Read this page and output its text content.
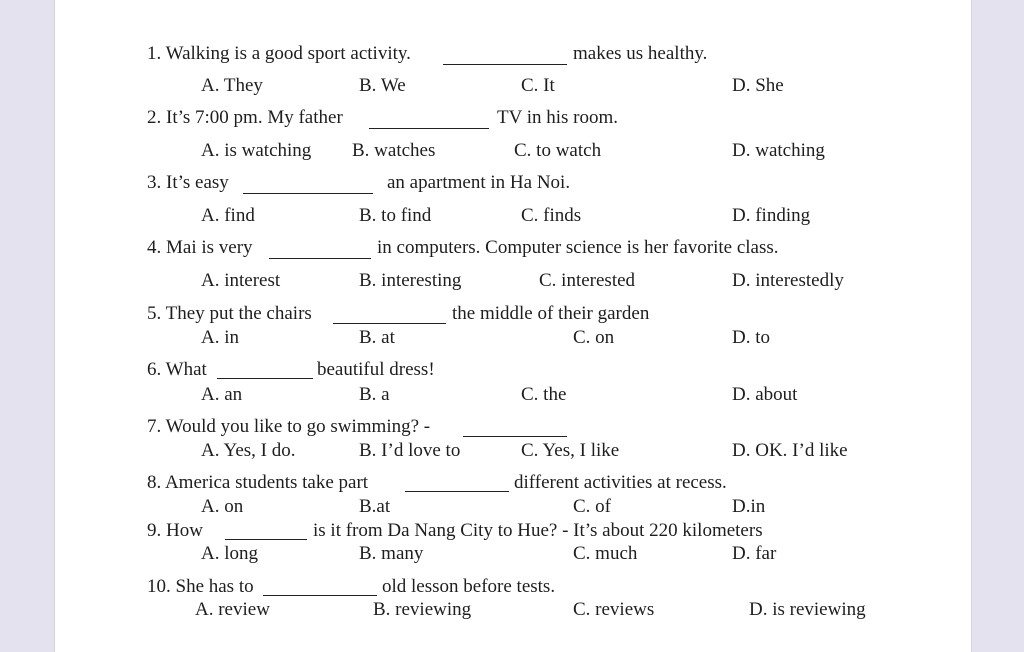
1. Walking is a good sport activity.	makes us healthy.
A. They	B. We	C. It	D. She
2. It’s 7:00 pm. My father	TV in his room.
A. is watching B. watches	C. to watch	D. watching
3. It’s easy	an apartment in Ha Noi.
A. find	B. to find	C. finds	D. finding
4. Mai is very	in computers. Computer science is her favorite class.
A. interest	B. interesting	C. interested	D. interestedly
5. They put the chairs	the middle of their garden
A. in	B. at	C. on	D. to
6. What	beautiful dress!
A. an	B. a	C. the	D. about
7. Would you like to go swimming? -
A. Yes, I do.	B. I’d love to	C. Yes, I like	D. OK. I’d like
8. America students take part	different activities at recess.
A. on	B.at	C. of	D.in
9. How	is it from Da Nang City to Hue? - It’s about 220 kilometers
A. long	B. many	C. much	D. far
10. She has to	old lesson before tests.
A. review	B. reviewing	C. reviews	D. is reviewing
